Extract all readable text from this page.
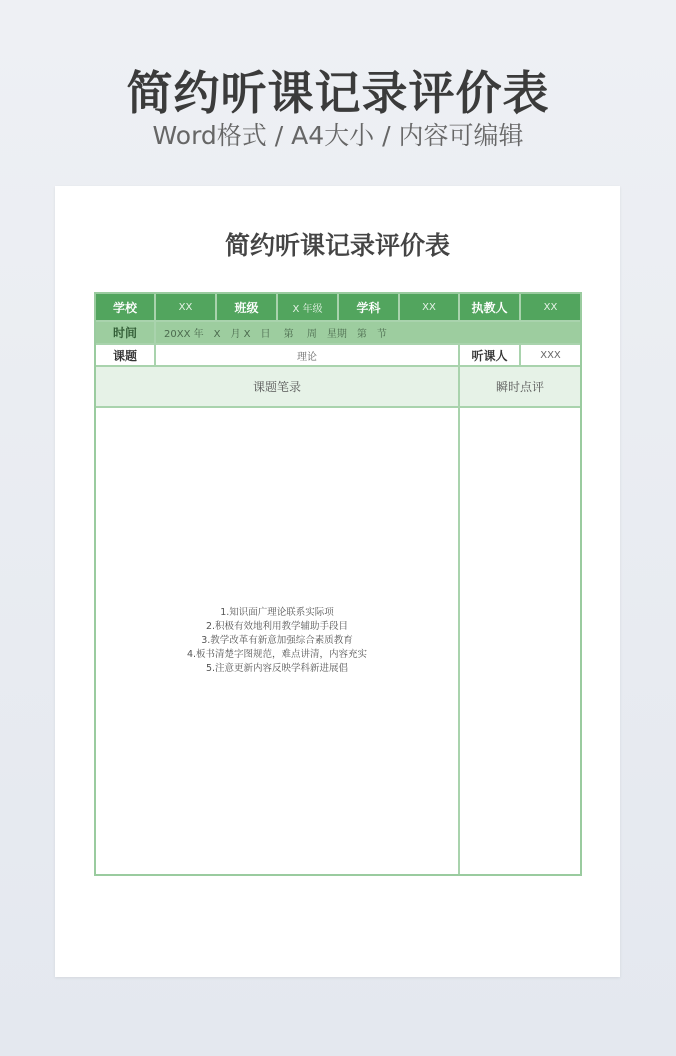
简约听课记录评价表
Word格式 / A4大小 / 内容可编辑
简约听课记录评价表
学校	XX	班级	X 年级	学科	XX	执教人	XX
时间	20XX 年　X　月 X　日　 第　 周　星期　第　节
课题	理论	听课人	XXX
课题笔录	瞬时点评
1.知识面广理论联系实际项
2.积极有效地利用教学辅助手段目
3.教学改革有新意加强综合素质教育
4.板书清楚字图规范，难点讲清，内容充实
5.注意更新内容反映学科新进展倡
